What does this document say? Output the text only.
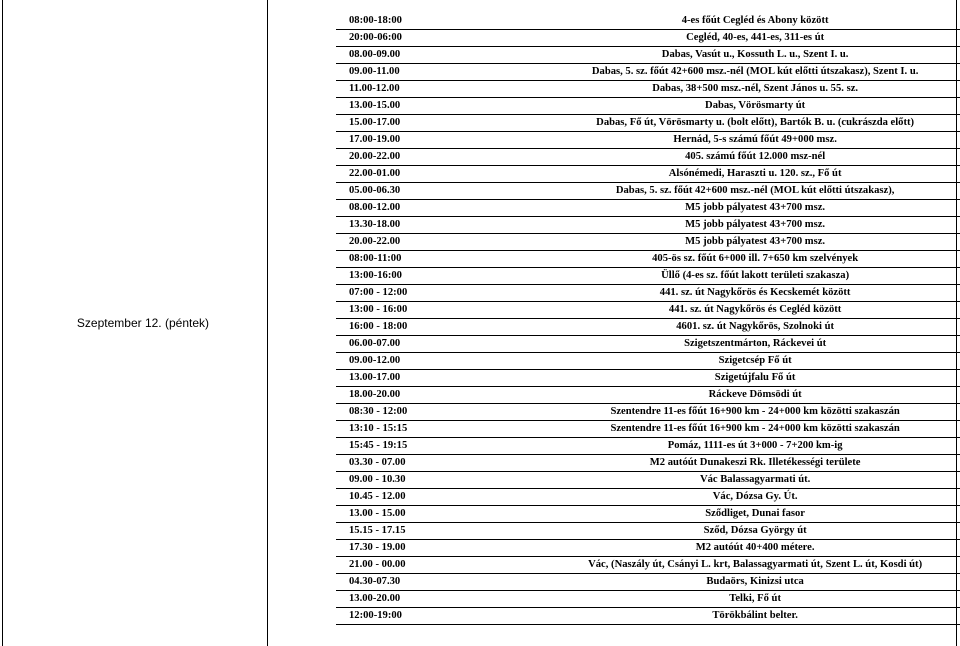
Szeptember 12. (péntek)
08:00-18:00	4-es főút Cegléd és Abony között
20:00-06:00	Cegléd, 40-es, 441-es, 311-es út
08.00-09.00	Dabas, Vasút u., Kossuth L. u., Szent I. u.
09.00-11.00	Dabas, 5. sz. főút 42+600 msz.-nél (MOL kút előtti útszakasz), Szent I. u.
11.00-12.00	Dabas, 38+500 msz.-nél, Szent János u. 55. sz.
13.00-15.00	Dabas, Vörösmarty út
15.00-17.00	Dabas, Fő út, Vörösmarty u. (bolt előtt), Bartók B. u. (cukrászda előtt)
17.00-19.00	Hernád, 5-s számú főút 49+000 msz.
20.00-22.00	405. számú főút 12.000 msz-nél
22.00-01.00	Alsónémedi, Haraszti u. 120. sz., Fő út
05.00-06.30	Dabas, 5. sz. főút 42+600 msz.-nél (MOL kút előtti útszakasz),
08.00-12.00	M5 jobb pályatest 43+700 msz.
13.30-18.00	M5 jobb pályatest 43+700 msz.
20.00-22.00	M5 jobb pályatest 43+700 msz.
08:00-11:00	405-ös sz. főút 6+000 ill. 7+650 km szelvények
13:00-16:00	Üllő (4-es sz. főút lakott területi szakasza)
07:00 - 12:00	441. sz. út Nagykőrös és Kecskemét között
13:00 - 16:00	441. sz. út Nagykőrös és Cegléd között
16:00 - 18:00	4601. sz. út Nagykőrös, Szolnoki út
06.00-07.00	Szigetszentmárton, Ráckevei út
09.00-12.00	Szigetcsép Fő út
13.00-17.00	Szigetújfalu Fő út
18.00-20.00	Ráckeve Dömsödi út
08:30 - 12:00	Szentendre 11-es főút 16+900 km - 24+000 km közötti szakaszán
13:10 - 15:15	Szentendre 11-es főút 16+900 km - 24+000 km közötti szakaszán
15:45 - 19:15	Pomáz, 1111-es út 3+000 - 7+200 km-ig
03.30 - 07.00	M2 autóút Dunakeszi Rk. Illetékességi területe
09.00 - 10.30	Vác Balassagyarmati út.
10.45 - 12.00	Vác, Dózsa Gy. Út.
13.00 - 15.00	Sződliget, Dunai fasor
15.15 - 17.15	Sződ, Dózsa György út
17.30 - 19.00	M2 autóút 40+400 métere.
21.00 - 00.00	Vác, (Naszály út, Csányi L. krt, Balassagyarmati út, Szent L. út, Kosdi út)
04.30-07.30	Budaörs, Kinizsi utca
13.00-20.00	Telki, Fő út
12:00-19:00	Törökbálint belter.
